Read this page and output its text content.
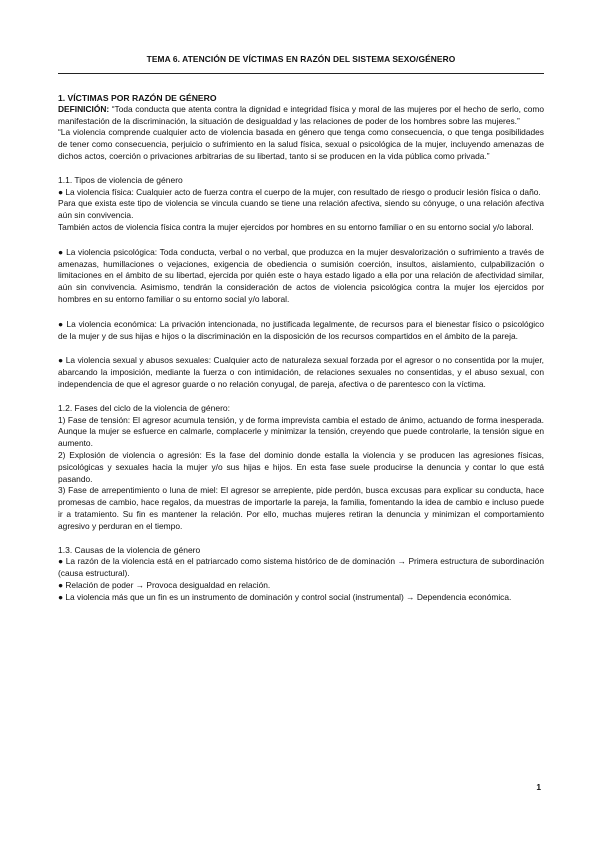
TEMA 6. ATENCIÓN DE VÍCTIMAS EN RAZÓN DEL SISTEMA SEXO/GÉNERO

1. VÍCTIMAS POR RAZÓN DE GÉNERO

DEFINICIÓN: “Toda conducta que atenta contra la dignidad e integridad física y moral de las mujeres por el hecho de serlo, como manifestación de la discriminación, la situación de desigualdad y las relaciones de poder de los hombres sobre las mujeres.”

“La violencia comprende cualquier acto de violencia basada en género que tenga como consecuencia, o que tenga posibilidades de tener como consecuencia, perjuicio o sufrimiento en la salud física, sexual o psicológica de la mujer, incluyendo amenazas de dichos actos, coerción o privaciones arbitrarias de su libertad, tanto si se producen en la vida pública como privada.”

1.1. Tipos de violencia de género

● La violencia física: Cualquier acto de fuerza contra el cuerpo de la mujer, con resultado de riesgo o producir lesión física o daño.

Para que exista este tipo de violencia se vincula cuando se tiene una relación afectiva, siendo su cónyuge, o una relación afectiva aún sin convivencia.

También actos de violencia física contra la mujer ejercidos por hombres en su entorno familiar o en su entorno social y/o laboral.

● La violencia psicológica: Toda conducta, verbal o no verbal, que produzca en la mujer desvalorización o sufrimiento a través de amenazas, humillaciones o vejaciones, exigencia de obediencia o sumisión coerción, insultos, aislamiento, culpabilización o limitaciones en el ámbito de su libertad, ejercida por quién este o haya estado ligado a ella por una relación de afectividad similar, aún sin convivencia. Asimismo, tendrán la consideración de actos de violencia psicológica contra la mujer los ejercidos por hombres en su entorno familiar o su entorno social y/o laboral.

● La violencia económica: La privación intencionada, no justificada legalmente, de recursos para el bienestar físico o psicológico de la mujer y de sus hijas e hijos o la discriminación en la disposición de los recursos compartidos en el ámbito de la pareja.

● La violencia sexual y abusos sexuales: Cualquier acto de naturaleza sexual forzada por el agresor o no consentida por la mujer, abarcando la imposición, mediante la fuerza o con intimidación, de relaciones sexuales no consentidas, y el abuso sexual, con independencia de que el agresor guarde o no relación conyugal, de pareja, afectiva o de parentesco con la víctima.

1.2. Fases del ciclo de la violencia de género:

1) Fase de tensión: El agresor acumula tensión, y de forma imprevista cambia el estado de ánimo, actuando de forma inesperada. Aunque la mujer se esfuerce en calmarle, complacerle y minimizar la tensión, creyendo que puede controlarle, la tensión sigue en aumento.

2) Explosión de violencia o agresión: Es la fase del dominio donde estalla la violencia y se producen las agresiones físicas, psicológicas y sexuales hacia la mujer y/o sus hijas e hijos. En esta fase suele producirse la denuncia y contar lo que está pasando.

3) Fase de arrepentimiento o luna de miel: El agresor se arrepiente, pide perdón, busca excusas para explicar su conducta, hace promesas de cambio, hace regalos, da muestras de importarle la pareja, la familia, fomentando la idea de cambio e incluso puede ir a tratamiento. Su fin es mantener la relación. Por ello, muchas mujeres retiran la denuncia y minimizan el comportamiento agresivo y perduran en el tiempo.

1.3. Causas de la violencia de género

● La razón de la violencia está en el patriarcado como sistema histórico de de dominación → Primera estructura de subordinación (causa estructural).

● Relación de poder → Provoca desigualdad en relación.

● La violencia más que un fin es un instrumento de dominación y control social (instrumental) → Dependencia económica.

1
